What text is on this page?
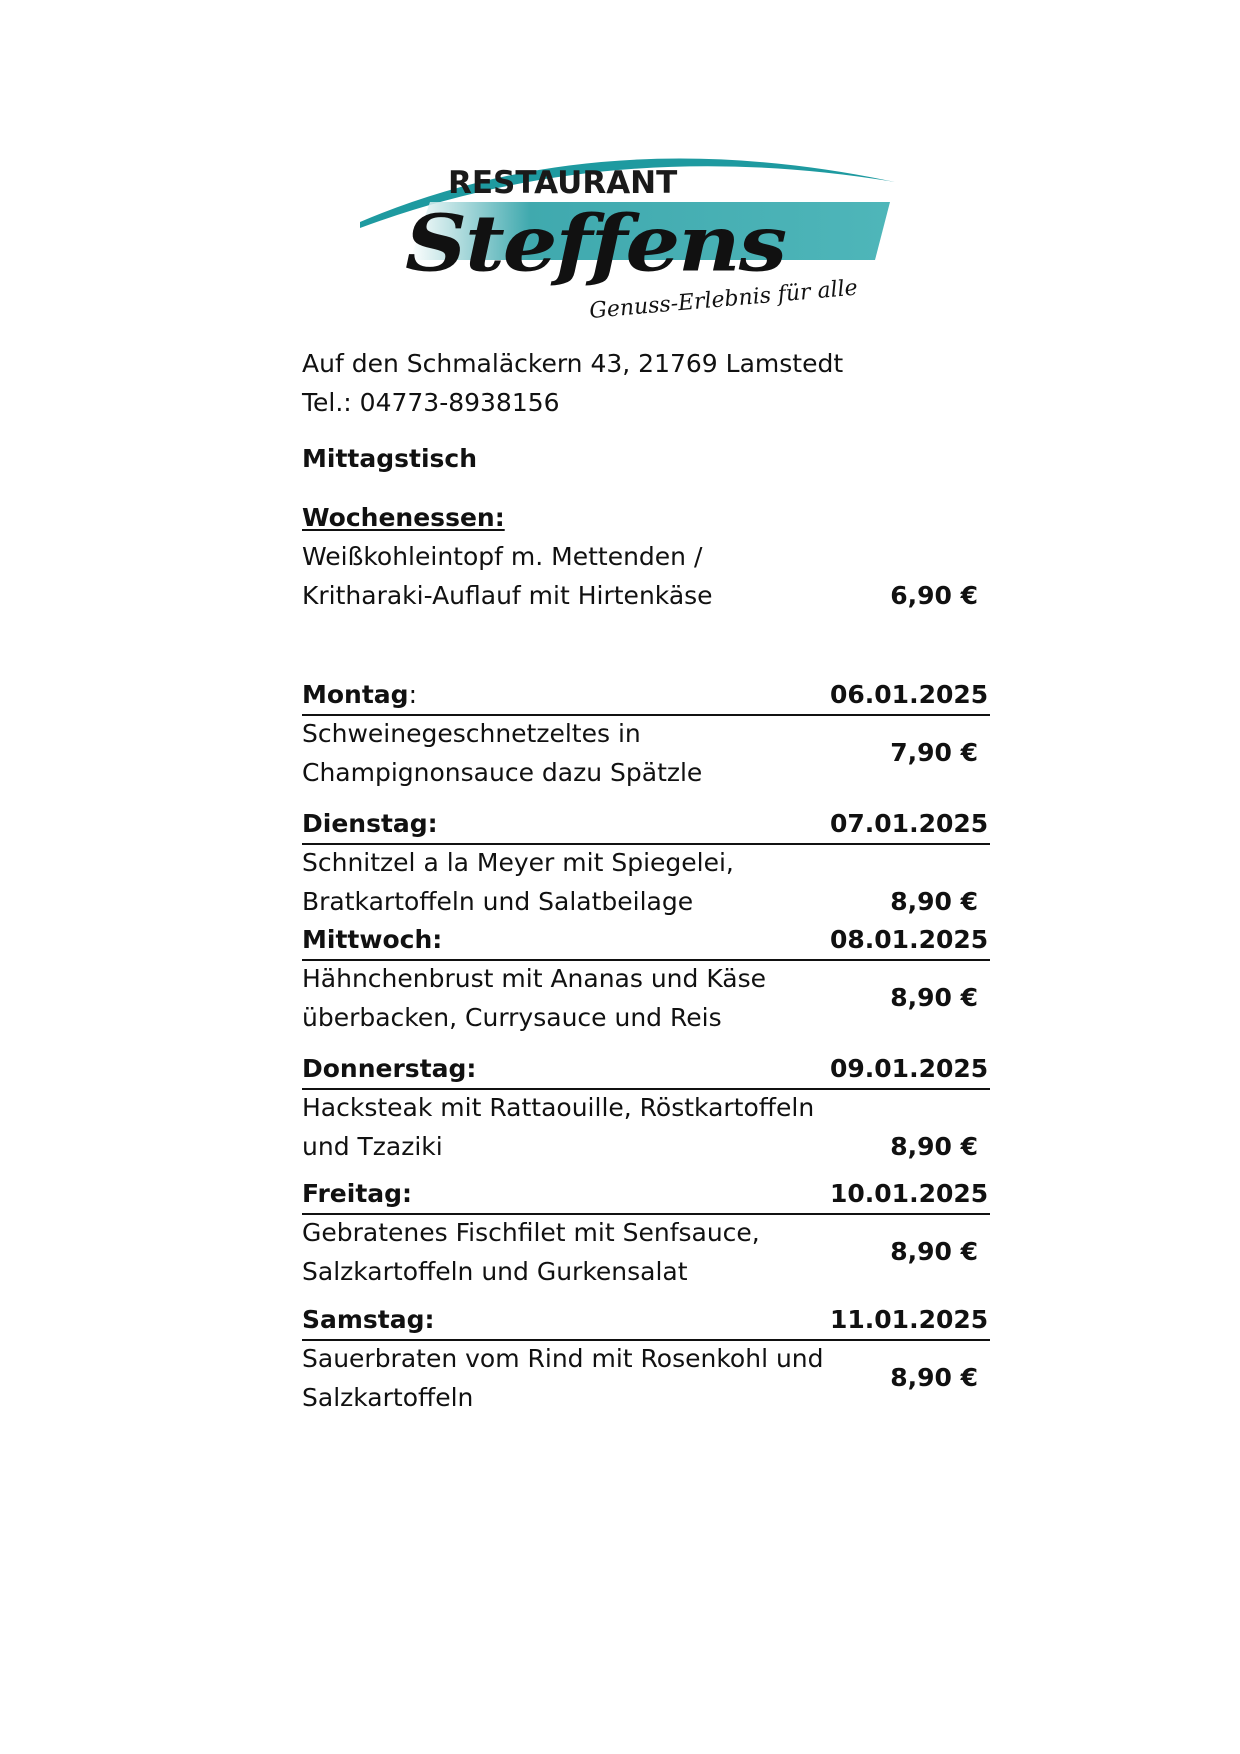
RESTAURANT
Steffens
Genuss-Erlebnis für alle
Auf den Schmaläckern 43, 21769 Lamstedt
Tel.: 04773-8938156
Mittagstisch
Wochenessen:
Weißkohleintopf m. Mettenden /
Kritharaki-Auflauf mit Hirtenkäse	6,90 €
Montag:	06.01.2025
Schweinegeschnetzeltes in
Champignonsauce dazu Spätzle
7,90 €
Dienstag:	07.01.2025
Schnitzel a la Meyer mit Spiegelei,
Bratkartoffeln und Salatbeilage	8,90 €
Mittwoch:	08.01.2025
Hähnchenbrust mit Ananas und Käse
überbacken, Currysauce und Reis
8,90 €
Donnerstag:	09.01.2025
Hacksteak mit Rattaouille, Röstkartoffeln
und Tzaziki	8,90 €
Freitag:	10.01.2025
Gebratenes Fischfilet mit Senfsauce,
Salzkartoffeln und Gurkensalat
8,90 €
Samstag:	11.01.2025
Sauerbraten vom Rind mit Rosenkohl und
Salzkartoffeln
8,90 €
